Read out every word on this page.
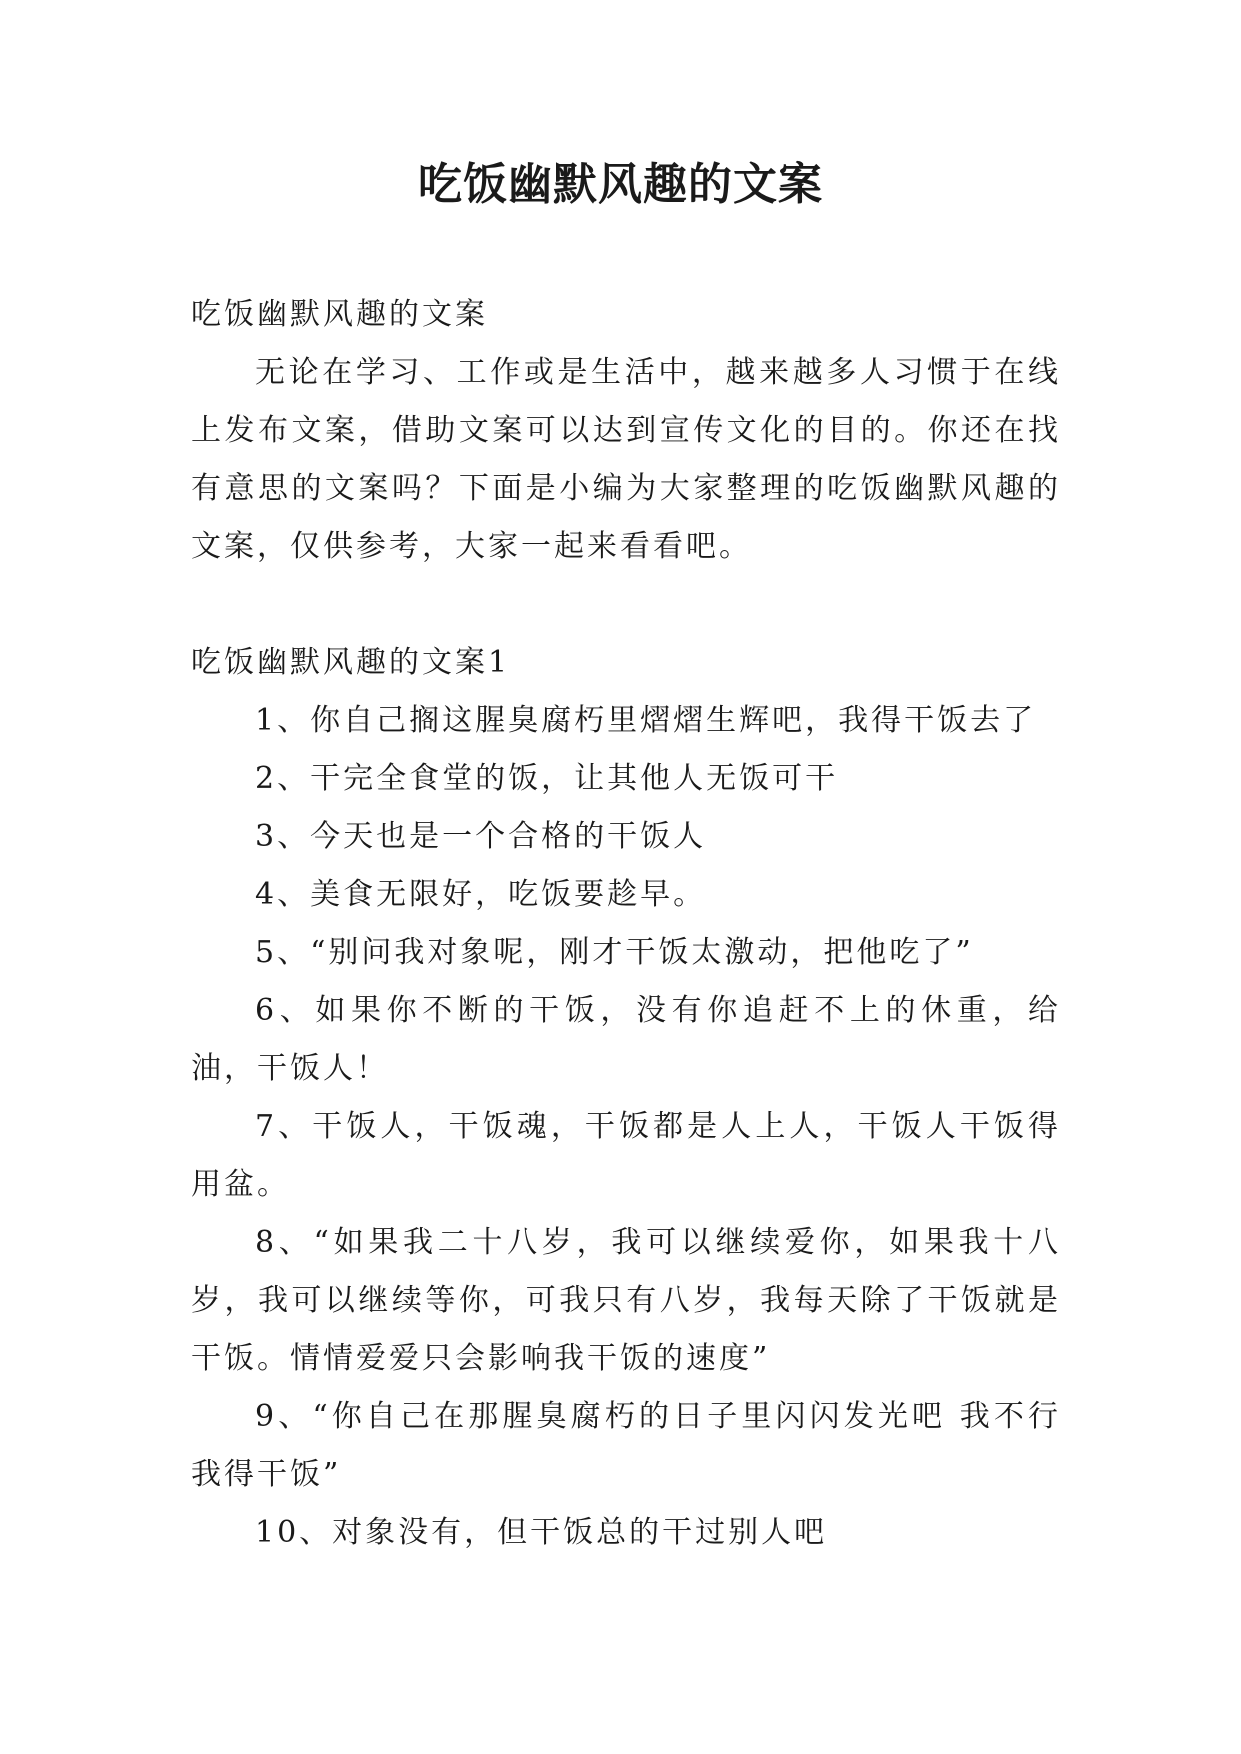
吃饭幽默风趣的文案

吃饭幽默风趣的文案

无论在学习、工作或是生活中，越来越多人习惯于在线上发布文案，借助文案可以达到宣传文化的目的。你还在找有意思的文案吗？下面是小编为大家整理的吃饭幽默风趣的文案，仅供参考，大家一起来看看吧。

吃饭幽默风趣的文案1

1、你自己搁这腥臭腐朽里熠熠生辉吧，我得干饭去了

2、干完全食堂的饭，让其他人无饭可干

3、今天也是一个合格的干饭人

4、美食无限好，吃饭要趁早。

5、“别问我对象呢，刚才干饭太激动，把他吃了”

6、如果你不断的干饭，没有你追赶不上的休重，给油，干饭人！

7、干饭人，干饭魂，干饭都是人上人，干饭人干饭得用盆。

8、“如果我二十八岁，我可以继续爱你，如果我十八岁，我可以继续等你，可我只有八岁，我每天除了干饭就是干饭。情情爱爱只会影响我干饭的速度”

9、“你自己在那腥臭腐朽的日子里闪闪发光吧 我不行我得干饭”

10、对象没有，但干饭总的干过别人吧
